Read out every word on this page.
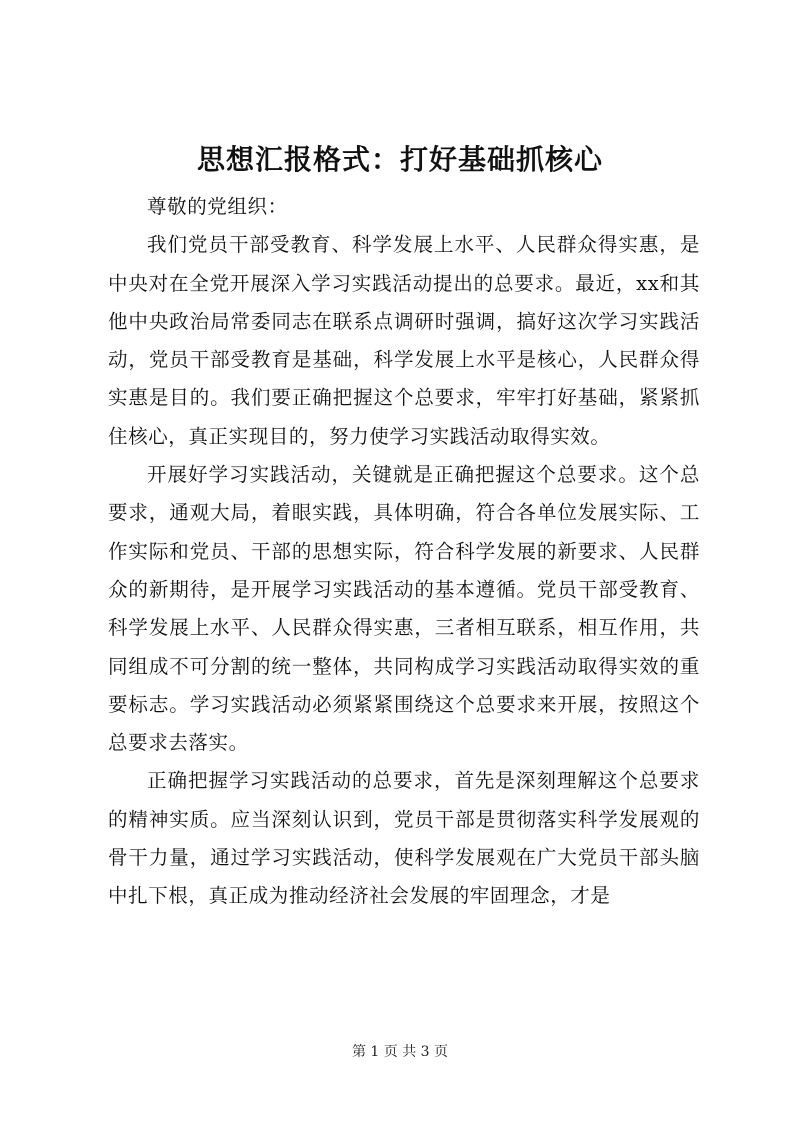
思想汇报格式：打好基础抓核心

尊敬的党组织：

我们党员干部受教育、科学发展上水平、人民群众得实惠，是中央对在全党开展深入学习实践活动提出的总要求。最近，xx和其他中央政治局常委同志在联系点调研时强调，搞好这次学习实践活动，党员干部受教育是基础，科学发展上水平是核心，人民群众得实惠是目的。我们要正确把握这个总要求，牢牢打好基础，紧紧抓住核心，真正实现目的，努力使学习实践活动取得实效。

开展好学习实践活动，关键就是正确把握这个总要求。这个总要求，通观大局，着眼实践，具体明确，符合各单位发展实际、工作实际和党员、干部的思想实际，符合科学发展的新要求、人民群众的新期待，是开展学习实践活动的基本遵循。党员干部受教育、科学发展上水平、人民群众得实惠，三者相互联系，相互作用，共同组成不可分割的统一整体，共同构成学习实践活动取得实效的重要标志。学习实践活动必须紧紧围绕这个总要求来开展，按照这个总要求去落实。

正确把握学习实践活动的总要求，首先是深刻理解这个总要求的精神实质。应当深刻认识到，党员干部是贯彻落实科学发展观的骨干力量，通过学习实践活动，使科学发展观在广大党员干部头脑中扎下根，真正成为推动经济社会发展的牢固理念，才是

第 1 页 共 3 页
